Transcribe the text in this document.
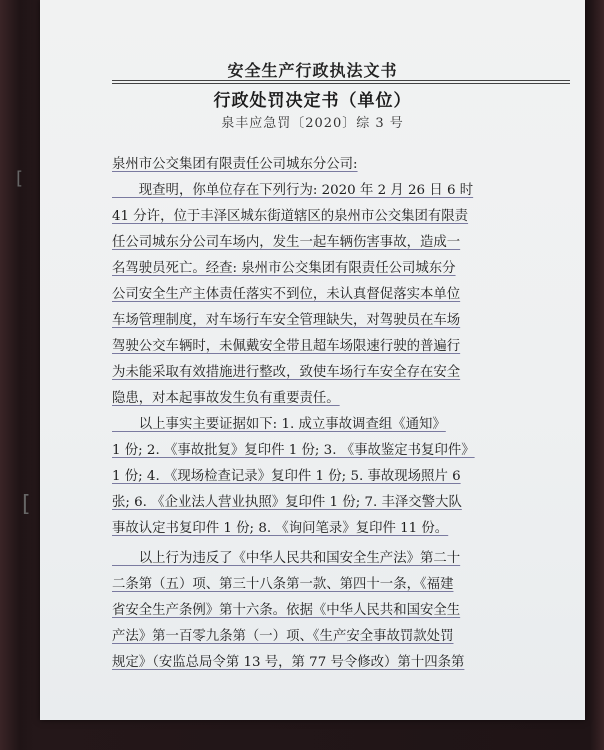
安全生产行政执法文书
行政处罚决定书（单位）
泉丰应急罚〔2020〕综 3 号
泉州市公交集团有限责任公司城东分公司:
　　现查明，你单位存在下列行为: 2020 年 2 月 26 日 6 时
41 分许，位于丰泽区城东街道辖区的泉州市公交集团有限责
任公司城东分公司车场内，发生一起车辆伤害事故，造成一
名驾驶员死亡。经查: 泉州市公交集团有限责任公司城东分
公司安全生产主体责任落实不到位，未认真督促落实本单位
车场管理制度，对车场行车安全管理缺失，对驾驶员在车场
驾驶公交车辆时，未佩戴安全带且超车场限速行驶的普遍行
为未能采取有效措施进行整改，致使车场行车安全存在安全
隐患，对本起事故发生负有重要责任。
　　以上事实主要证据如下: 1. 成立事故调查组《通知》
1 份; 2. 《事故批复》复印件 1 份; 3. 《事故鉴定书复印件》
1 份; 4. 《现场检查记录》复印件 1 份; 5. 事故现场照片 6
张; 6. 《企业法人营业执照》复印件 1 份; 7. 丰泽交警大队
事故认定书复印件 1 份; 8. 《询问笔录》复印件 11 份。
　　以上行为违反了《中华人民共和国安全生产法》第二十
二条第（五）项、第三十八条第一款、第四十一条，《福建
省安全生产条例》第十六条。依据《中华人民共和国安全生
产法》第一百零九条第（一）项、《生产安全事故罚款处罚
规定》（安监总局令第 13 号，第 77 号令修改）第十四条第
[
[
